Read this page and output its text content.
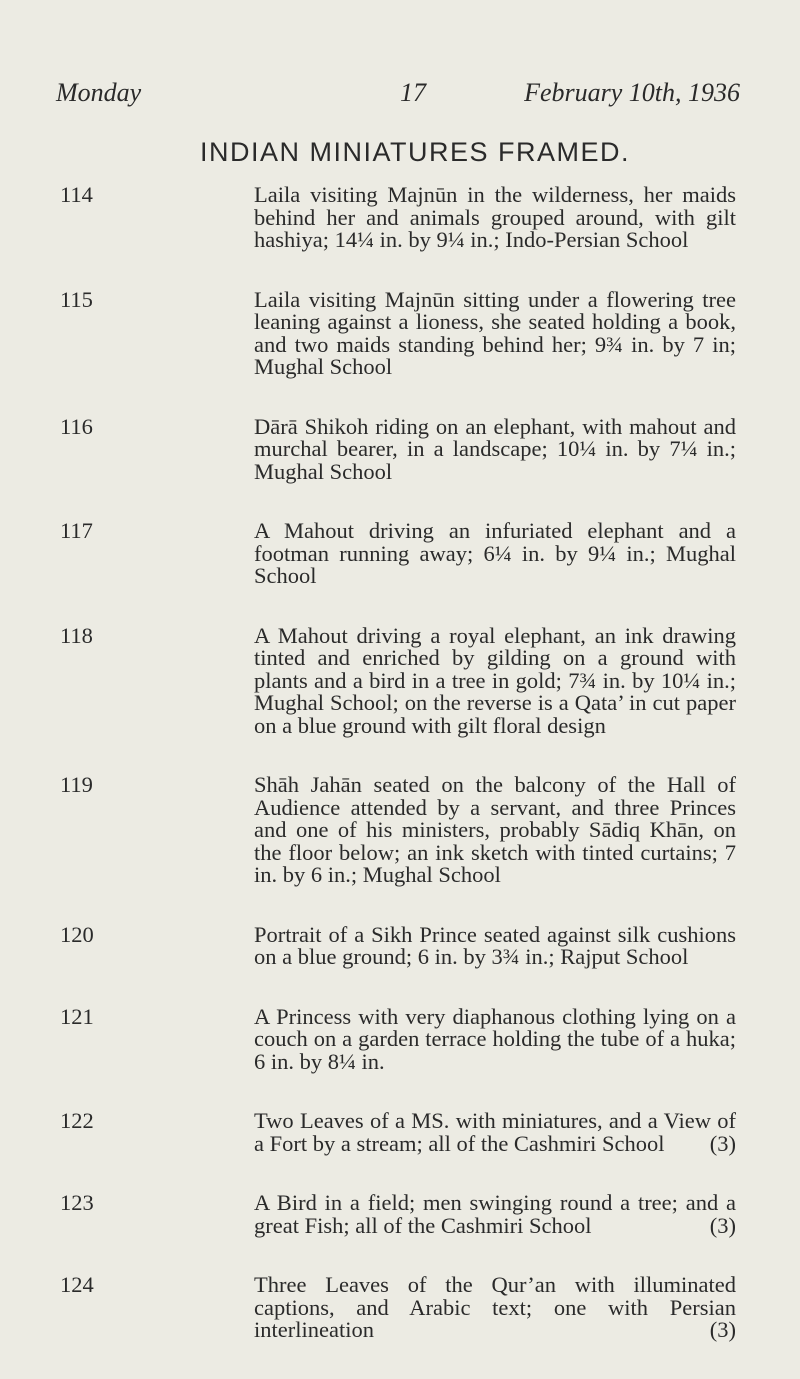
Monday	17	February 10th, 1936
INDIAN MINIATURES FRAMED.
114	Laila visiting Majnūn in the wilderness, her maids behind her and animals grouped around, with gilt hashiya; 14¼ in. by 9¼ in.; Indo-Persian School
115	Laila visiting Majnūn sitting under a flowering tree leaning against a lioness, she seated holding a book, and two maids standing behind her; 9¾ in. by 7 in; Mughal School
116	Dārā Shikoh riding on an elephant, with mahout and murchal bearer, in a landscape; 10¼ in. by 7¼ in.; Mughal School
117	A Mahout driving an infuriated elephant and a footman running away; 6¼ in. by 9¼ in.; Mughal School
118	A Mahout driving a royal elephant, an ink drawing tinted and enriched by gilding on a ground with plants and a bird in a tree in gold; 7¾ in. by 10¼ in.; Mughal School; on the reverse is a Qata’ in cut paper on a blue ground with gilt floral design
119	Shāh Jahān seated on the balcony of the Hall of Audience attended by a servant, and three Princes and one of his ministers, probably Sādiq Khān, on the floor below; an ink sketch with tinted curtains; 7 in. by 6 in.; Mughal School
120	Portrait of a Sikh Prince seated against silk cushions on a blue ground; 6 in. by 3¾ in.; Rajput School
121	A Princess with very diaphanous clothing lying on a couch on a garden terrace holding the tube of a huka; 6 in. by 8¼ in.
122	Two Leaves of a MS. with miniatures, and a View of a Fort by a stream; all of the Cashmiri School (3)
123	A Bird in a field; men swinging round a tree; and a great Fish; all of the Cashmiri School	(3)
124	Three Leaves of the Qur’an with illuminated captions, and Arabic text; one with Persian interlineation	(3)
